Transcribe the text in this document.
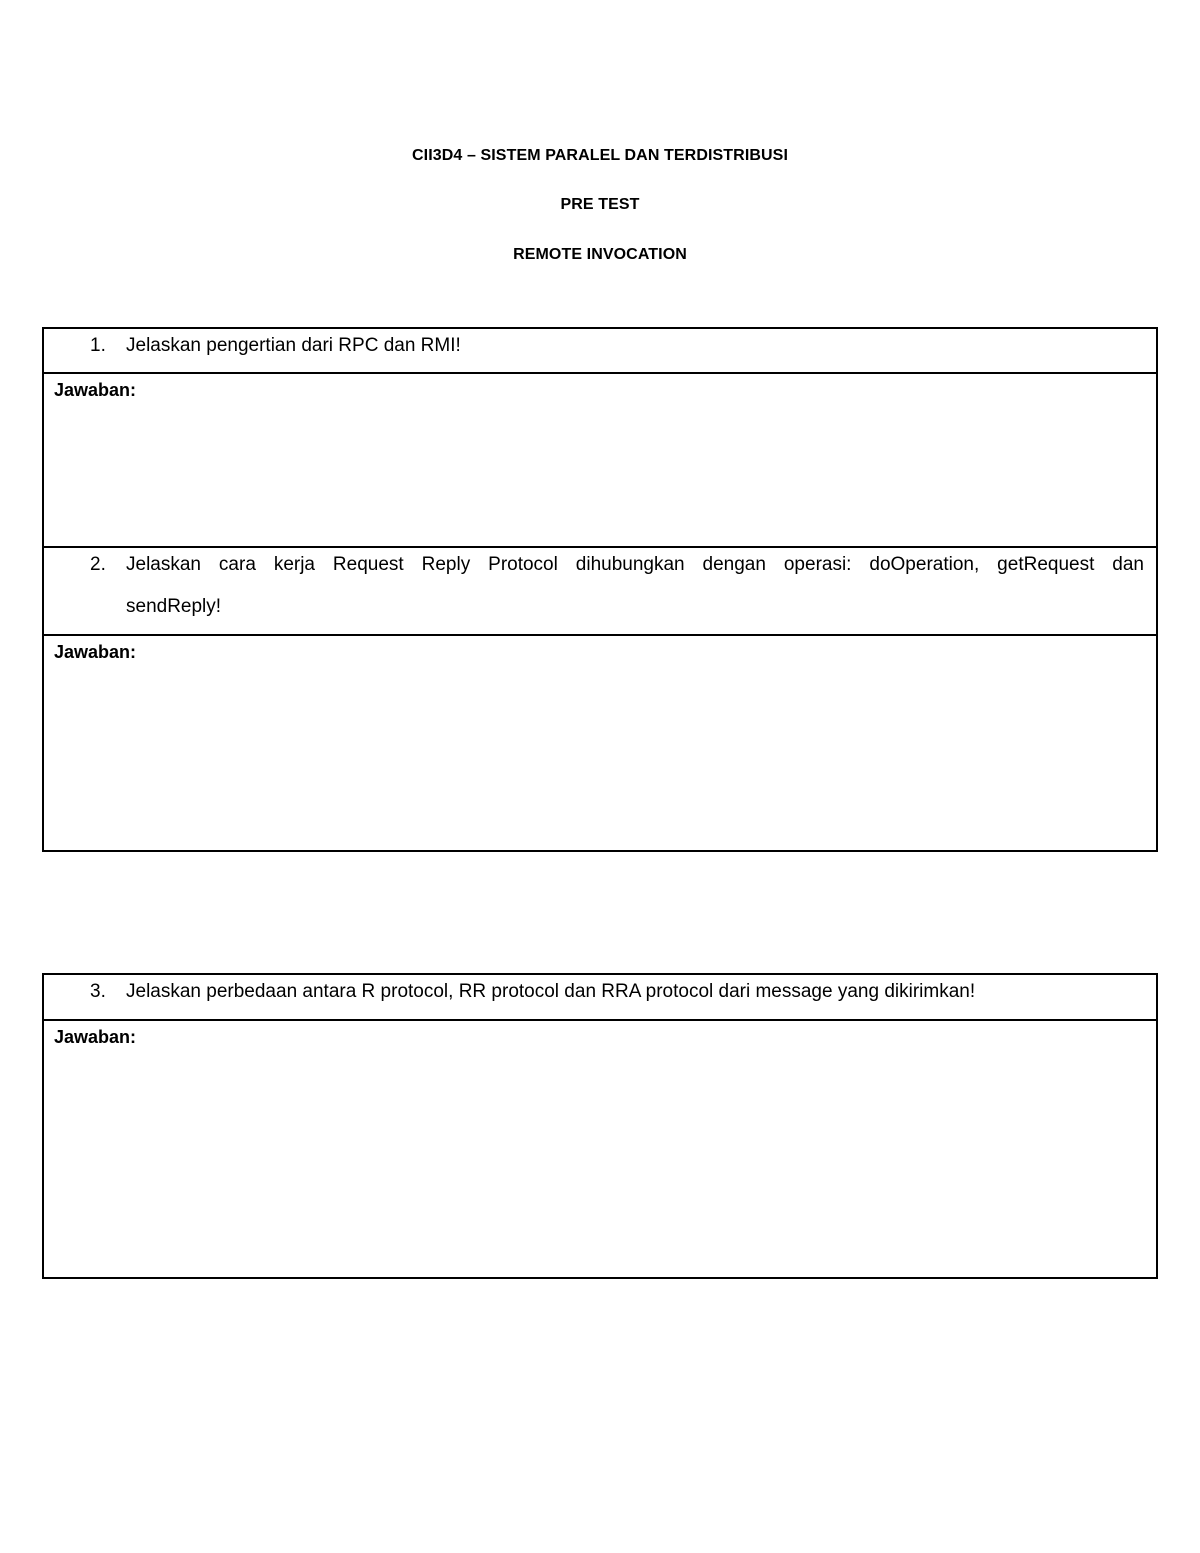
CII3D4 – SISTEM PARALEL DAN TERDISTRIBUSI
PRE TEST
REMOTE INVOCATION
1. Jelaskan pengertian dari RPC dan RMI!
Jawaban:
2. Jelaskan cara kerja Request Reply Protocol dihubungkan dengan operasi: doOperation, getRequest dan
sendReply!
Jawaban:
3. Jelaskan perbedaan antara R protocol, RR protocol dan RRA protocol dari message yang dikirimkan!
Jawaban:
